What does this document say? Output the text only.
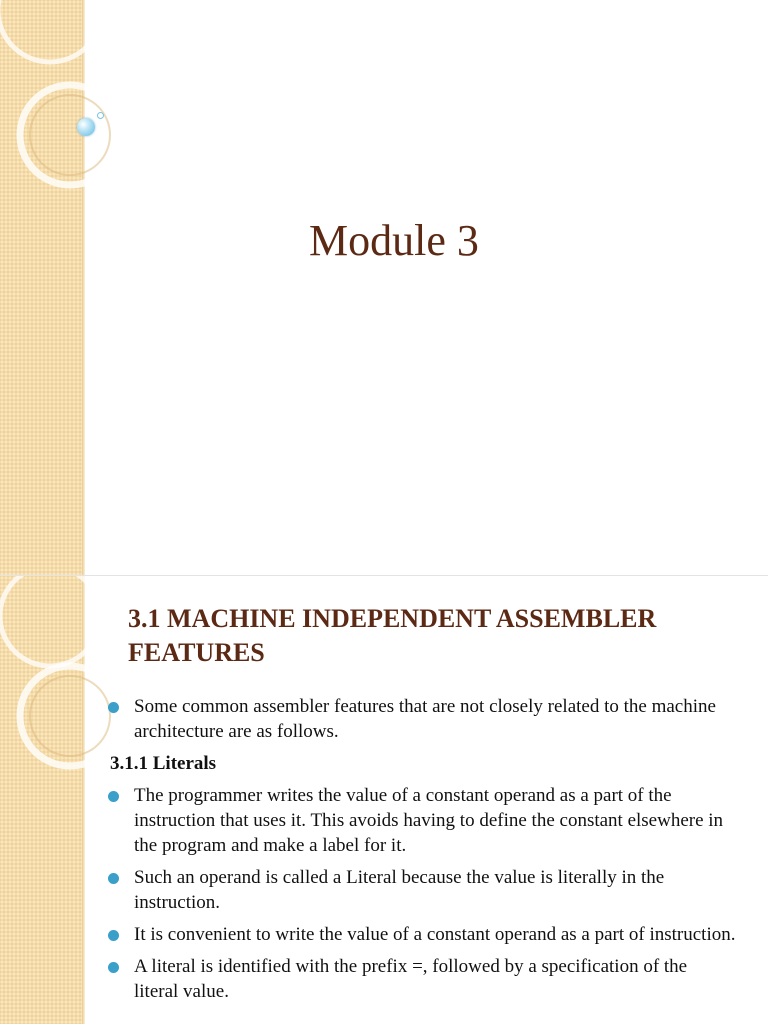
Module 3
3.1 MACHINE INDEPENDENT ASSEMBLER FEATURES
Some common assembler features that are not closely related to the machine architecture are as follows.
3.1.1 Literals
The programmer writes the value of a constant operand as a part of the instruction that uses it. This avoids having to define the constant elsewhere in the program and make a label for it.
Such an operand is called a Literal because the value is literally in the instruction.
It is convenient to write the value of a constant operand as a part of instruction.
A literal is identified with the prefix =, followed by a specification of the literal value.
